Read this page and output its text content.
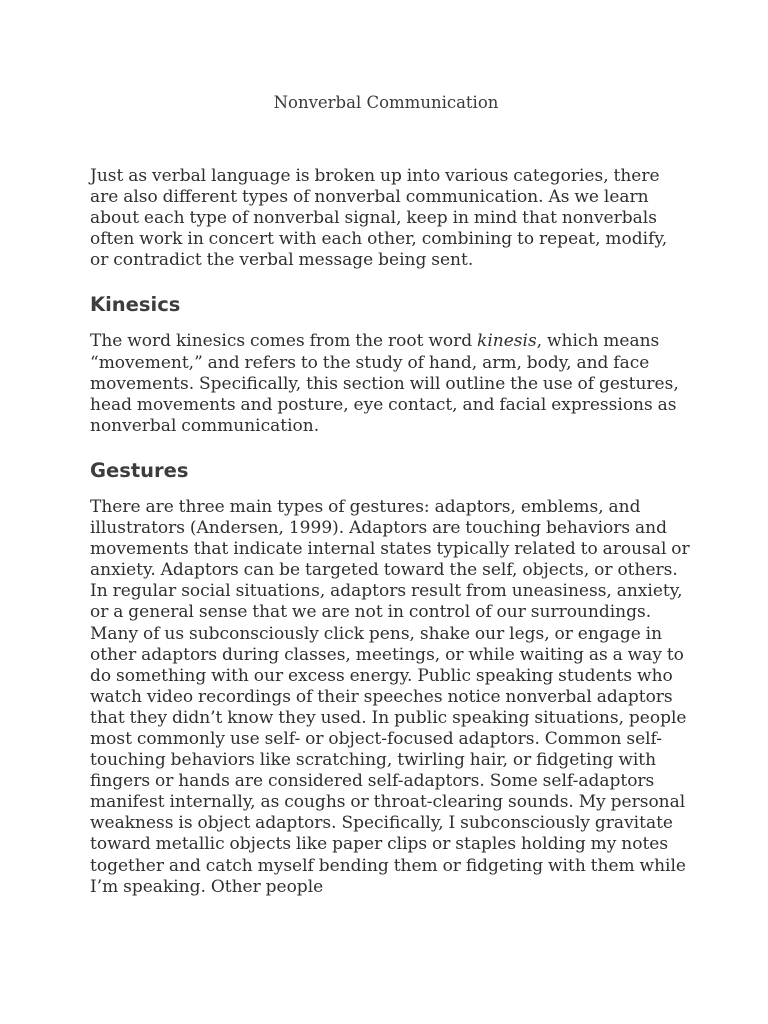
Nonverbal Communication

Just as verbal language is broken up into various categories, there are also different types of nonverbal communication. As we learn about each type of nonverbal signal, keep in mind that nonverbals often work in concert with each other, combining to repeat, modify, or contradict the verbal message being sent.

Kinesics

The word kinesics comes from the root word kinesis, which means “movement,” and refers to the study of hand, arm, body, and face movements. Specifically, this section will outline the use of gestures, head movements and posture, eye contact, and facial expressions as nonverbal communication.

Gestures

There are three main types of gestures: adaptors, emblems, and illustrators (Andersen, 1999). Adaptors are touching behaviors and movements that indicate internal states typically related to arousal or anxiety. Adaptors can be targeted toward the self, objects, or others. In regular social situations, adaptors result from uneasiness, anxiety, or a general sense that we are not in control of our surroundings. Many of us subconsciously click pens, shake our legs, or engage in other adaptors during classes, meetings, or while waiting as a way to do something with our excess energy. Public speaking students who watch video recordings of their speeches notice nonverbal adaptors that they didn’t know they used. In public speaking situations, people most commonly use self- or object-focused adaptors. Common self-touching behaviors like scratching, twirling hair, or fidgeting with fingers or hands are considered self-adaptors. Some self-adaptors manifest internally, as coughs or throat-clearing sounds. My personal weakness is object adaptors. Specifically, I subconsciously gravitate toward metallic objects like paper clips or staples holding my notes together and catch myself bending them or fidgeting with them while I’m speaking. Other people
